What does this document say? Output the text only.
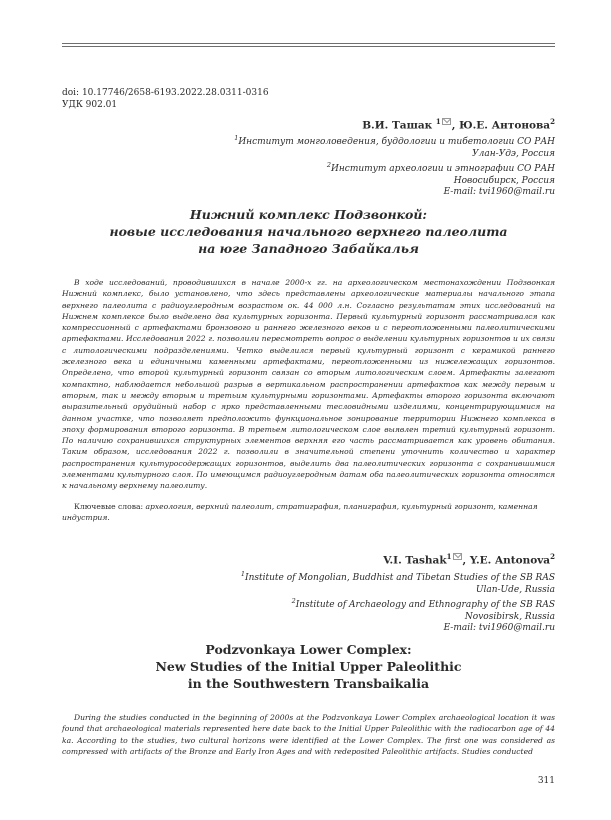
doi: 10.17746/2658-6193.2022.28.0311-0316
УДК 902.01
В.И. Ташак $^1$ , Ю.Е. Антонова$^2$
$^1$Институт монголоведения, буддологии и тибетологии СО РАН
Улан-Удэ, Россия
$^2$Институт археологии и этнографии СО РАН
Новосибирск, Россия
E-mail: tvi1960@mail.ru
Нижний комплекс Подзвонкой:
новые исследования начального верхнего палеолита
на юге Западного Забайкалья
В ходе исследований, проводившихся в начале 2000-х гг. на археологическом местонахождении Подзвонкая Нижний комплекс, было установлено, что здесь представлены археологические материалы начального этапа верхнего палеолита с радиоуглеродным возрастом ок. 44 000 л.н. Согласно результатам этих исследований на Нижнем комплексе было выделено два культурных горизонта. Первый культурный горизонт рассматривался как компрессионный с артефактами бронзового и раннего железного веков и с переотложенными палеолитическими артефактами. Исследования 2022 г. позволили пересмотреть вопрос о выделении культурных горизонтов и их связи с литологическими подразделениями. Четко выделился первый культурный горизонт с керамикой раннего железного века и единичными каменными артефактами, переотложенными из нижележащих горизонтов. Определено, что второй культурный горизонт связан со вторым литологическим слоем. Артефакты залегают компактно, наблюдается небольшой разрыв в вертикальном распространении артефактов как между первым и вторым, так и между вторым и третьим культурными горизонтами. Артефакты второго горизонта включают выразительный орудийный набор с ярко представленными тесловидными изделиями, концентрирующимися на данном участке, что позволяет предположить функциональное зонирование территории Нижнего комплекса в эпоху формирования второго горизонта. В третьем литологическом слое выявлен третий культурный горизонт. По наличию сохранившихся структурных элементов верхняя его часть рассматривается как уровень обитания. Таким образом, исследования 2022 г. позволили в значительной степени уточнить количество и характер распространения культуросодержащих горизонтов, выделить два палеолитических горизонта с сохранившимися элементами культурного слоя. По имеющимся радиоуглеродным датам оба палеолитических горизонта относятся к начальному верхнему палеолиту.
Ключевые слова: археология, верхний палеолит, стратиграфия, планиграфия, культурный горизонт, каменная индустрия.
V.I. Tashak$^1$ , Y.E. Antonova$^2$
$^1$Institute of Mongolian, Buddhist and Tibetan Studies of the SB RAS
Ulan-Ude, Russia
$^2$Institute of Archaeology and Ethnography of the SB RAS
Novosibirsk, Russia
E-mail: tvi1960@mail.ru
Podzvonkaya Lower Complex:
New Studies of the Initial Upper Paleolithic
in the Southwestern Transbaikalia
During the studies conducted in the beginning of 2000s at the Podzvonkaya Lower Complex archaeological location it was found that archaeological materials represented here date back to the Initial Upper Paleolithic with the radiocarbon age of 44 ka. According to the studies, two cultural horizons were identified at the Lower Complex. The first one was considered as compressed with artifacts of the Bronze and Early Iron Ages and with redeposited Paleolithic artifacts. Studies conducted
311
